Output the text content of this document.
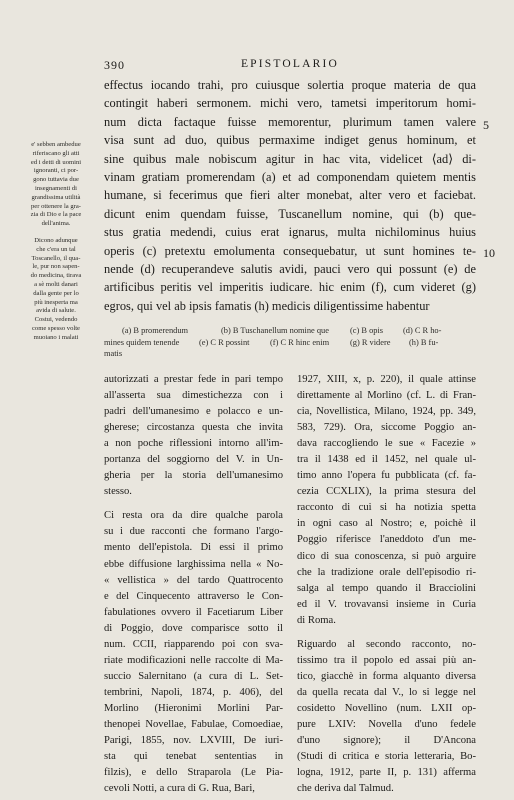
390	EPISTOLARIO
e' sebben ambedue
riferiscano gli atti
ed i detti di uomini
ignoranti, ci por-
gono tuttavia due
insegnamenti di
grandissima utilità
per ottenere la gra-
zia di Dio e la pace
dell'anima.

Dicono adunque
che c'era un tal
Toscanello, il qua-
le, pur non sapen-
do medicina, tirava
a sè molti danari
dalla gente per lo
più inesperta ma
avida di salute.
Costui, vedendo
come spesso volte
muoiano i malati

effectus iocando trahi, pro cuiusque solertia proque materia de qua
contingit haberi sermonem. michi vero, tametsi imperitorum homi-
num dicta factaque fuisse memorentur, plurimum tamen valere
visa sunt ad duo, quibus permaxime indiget genus hominum, et
sine quibus male nobiscum agitur in hac vita, videlicet ⟨ad⟩ di-
vinam gratiam promerendam (a) et ad componendam quietem mentis
humane, si fecerimus que fieri alter monebat, alter vero et faciebat.
dicunt enim quendam fuisse, Tuscanellum nomine, qui (b) que-
stus gratia medendi, cuius erat ignarus, multa nichilominus huius
operis (c) pretextu emolumenta consequebatur, ut sunt homines te-
nende (d) recuperandeve salutis avidi, pauci vero qui possunt (e) de
artificibus peritis vel imperitis iudicare. hic enim (f), cum videret (g)
egros, qui vel ab ipsis famatis (h) medicis diligentissime habentur
5
10
(a) B promerendum	(b) B Tuschanellum nomine que	(c) B opis (d) C R ho-
mines quidem tenende (e) C R possint (f) C R hinc enim (g) R videre (h) B fu-
matis
autorizzati a prestar fede in pari tempo
all'asserta sua dimestichezza con i
padri dell'umanesimo e polacco e un-
gherese; circostanza questa che invita
a non poche riflessioni intorno all'im-
portanza del soggiorno del V. in Un-
gheria per la storia dell'umanesimo
stesso.
Ci resta ora da dire qualche parola
su i due racconti che formano l'argo-
mento dell'epistola. Di essi il primo
ebbe diffusione larghissima nella « No-
« vellistica » del tardo Quattrocento
e del Cinquecento attraverso le Con-
fabulationes ovvero il Facetiarum Liber
di Poggio, dove comparisce sotto il
num. CCII, riapparendo poi con sva-
riate modificazioni nelle raccolte di Ma-
succio Salernitano (a cura di L. Set-
tembrini, Napoli, 1874, p. 406), del
Morlino (Hieronimi Morlini Par-
thenopei Novellae, Fabulae, Comoediae,
Parigi, 1855, nov. LXVIII, De iuri-
sta qui tenebat sententias in
filzis), e dello Straparola (Le Pia-
cevoli Notti, a cura di G. Rua, Bari,
1927, XIII, x, p. 220), il quale attinse
direttamente al Morlino (cf. L. di Fran-
cia, Novellistica, Milano, 1924, pp. 349,
583, 729). Ora, siccome Poggio an-
dava raccogliendo le sue « Facezie »
tra il 1438 ed il 1452, nel quale ul-
timo anno l'opera fu pubblicata (cf. fa-
cezia CCXLIX), la prima stesura del
racconto di cui si ha notizia spetta
in ogni caso al Nostro; e, poichè il
Poggio riferisce l'aneddoto d'un me-
dico di sua conoscenza, si può arguire
che la tradizione orale dell'episodio ri-
salga al tempo quando il Bracciolini
ed il V. trovavansi insieme in Curia
di Roma.
Riguardo al secondo racconto, no-
tissimo tra il popolo ed assai più an-
tico, giacchè in forma alquanto diversa
da quella recata dal V., lo si legge nel
cosidetto Novellino (num. LXII op-
pure LXIV: Novella d'uno fedele
d'uno signore); il D'Ancona
(Studi di critica e storia letteraria, Bo-
logna, 1912, parte II, p. 131) afferma
che deriva dal Talmud.
